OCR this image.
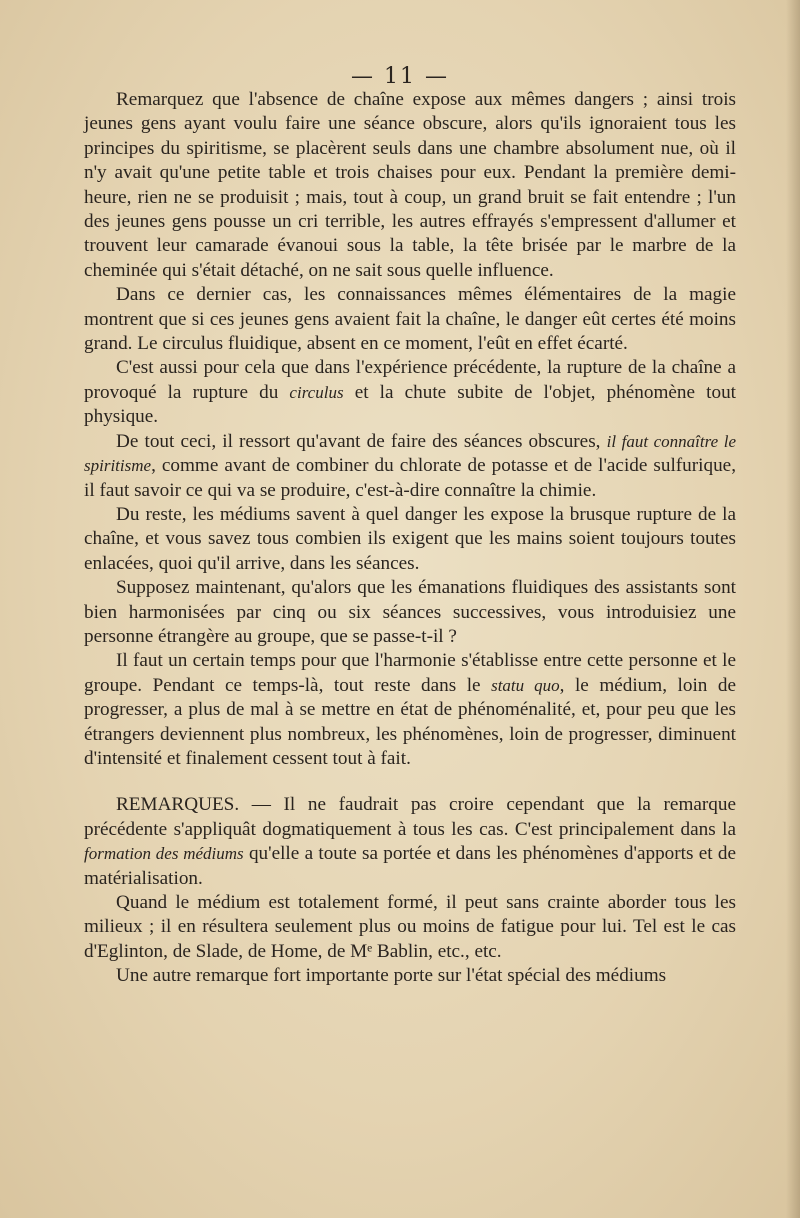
— 11 —

Remarquez que l'absence de chaîne expose aux mêmes dangers ; ainsi trois jeunes gens ayant voulu faire une séance obscure, alors qu'ils ignoraient tous les principes du spiritisme, se placèrent seuls dans une chambre absolument nue, où il n'y avait qu'une petite table et trois chaises pour eux. Pendant la première demi-heure, rien ne se produisit ; mais, tout à coup, un grand bruit se fait entendre ; l'un des jeunes gens pousse un cri terrible, les autres effrayés s'empressent d'allumer et trouvent leur camarade évanoui sous la table, la tête brisée par le marbre de la cheminée qui s'était détaché, on ne sait sous quelle influence.

Dans ce dernier cas, les connaissances mêmes élémentaires de la magie montrent que si ces jeunes gens avaient fait la chaîne, le danger eût certes été moins grand. Le circulus fluidique, absent en ce moment, l'eût en effet écarté.

C'est aussi pour cela que dans l'expérience précédente, la rupture de la chaîne a provoqué la rupture du circulus et la chute subite de l'objet, phénomène tout physique.

De tout ceci, il ressort qu'avant de faire des séances obscures, il faut connaître le spiritisme, comme avant de combiner du chlorate de potasse et de l'acide sulfurique, il faut savoir ce qui va se produire, c'est-à-dire connaître la chimie.

Du reste, les médiums savent à quel danger les expose la brusque rupture de la chaîne, et vous savez tous combien ils exigent que les mains soient toujours toutes enlacées, quoi qu'il arrive, dans les séances.

Supposez maintenant, qu'alors que les émanations fluidiques des assistants sont bien harmonisées par cinq ou six séances successives, vous introduisiez une personne étrangère au groupe, que se passe-t-il ?

Il faut un certain temps pour que l'harmonie s'établisse entre cette personne et le groupe. Pendant ce temps-là, tout reste dans le statu quo, le médium, loin de progresser, a plus de mal à se mettre en état de phénoménalité, et, pour peu que les étrangers deviennent plus nombreux, les phénomènes, loin de progresser, diminuent d'intensité et finalement cessent tout à fait.

REMARQUES. — Il ne faudrait pas croire cependant que la remarque précédente s'appliquât dogmatiquement à tous les cas. C'est principalement dans la formation des médiums qu'elle a toute sa portée et dans les phénomènes d'apports et de matérialisation.

Quand le médium est totalement formé, il peut sans crainte aborder tous les milieux ; il en résultera seulement plus ou moins de fatigue pour lui. Tel est le cas d'Eglinton, de Slade, de Home, de Mᵉ Bablin, etc., etc.

Une autre remarque fort importante porte sur l'état spécial des médiums
